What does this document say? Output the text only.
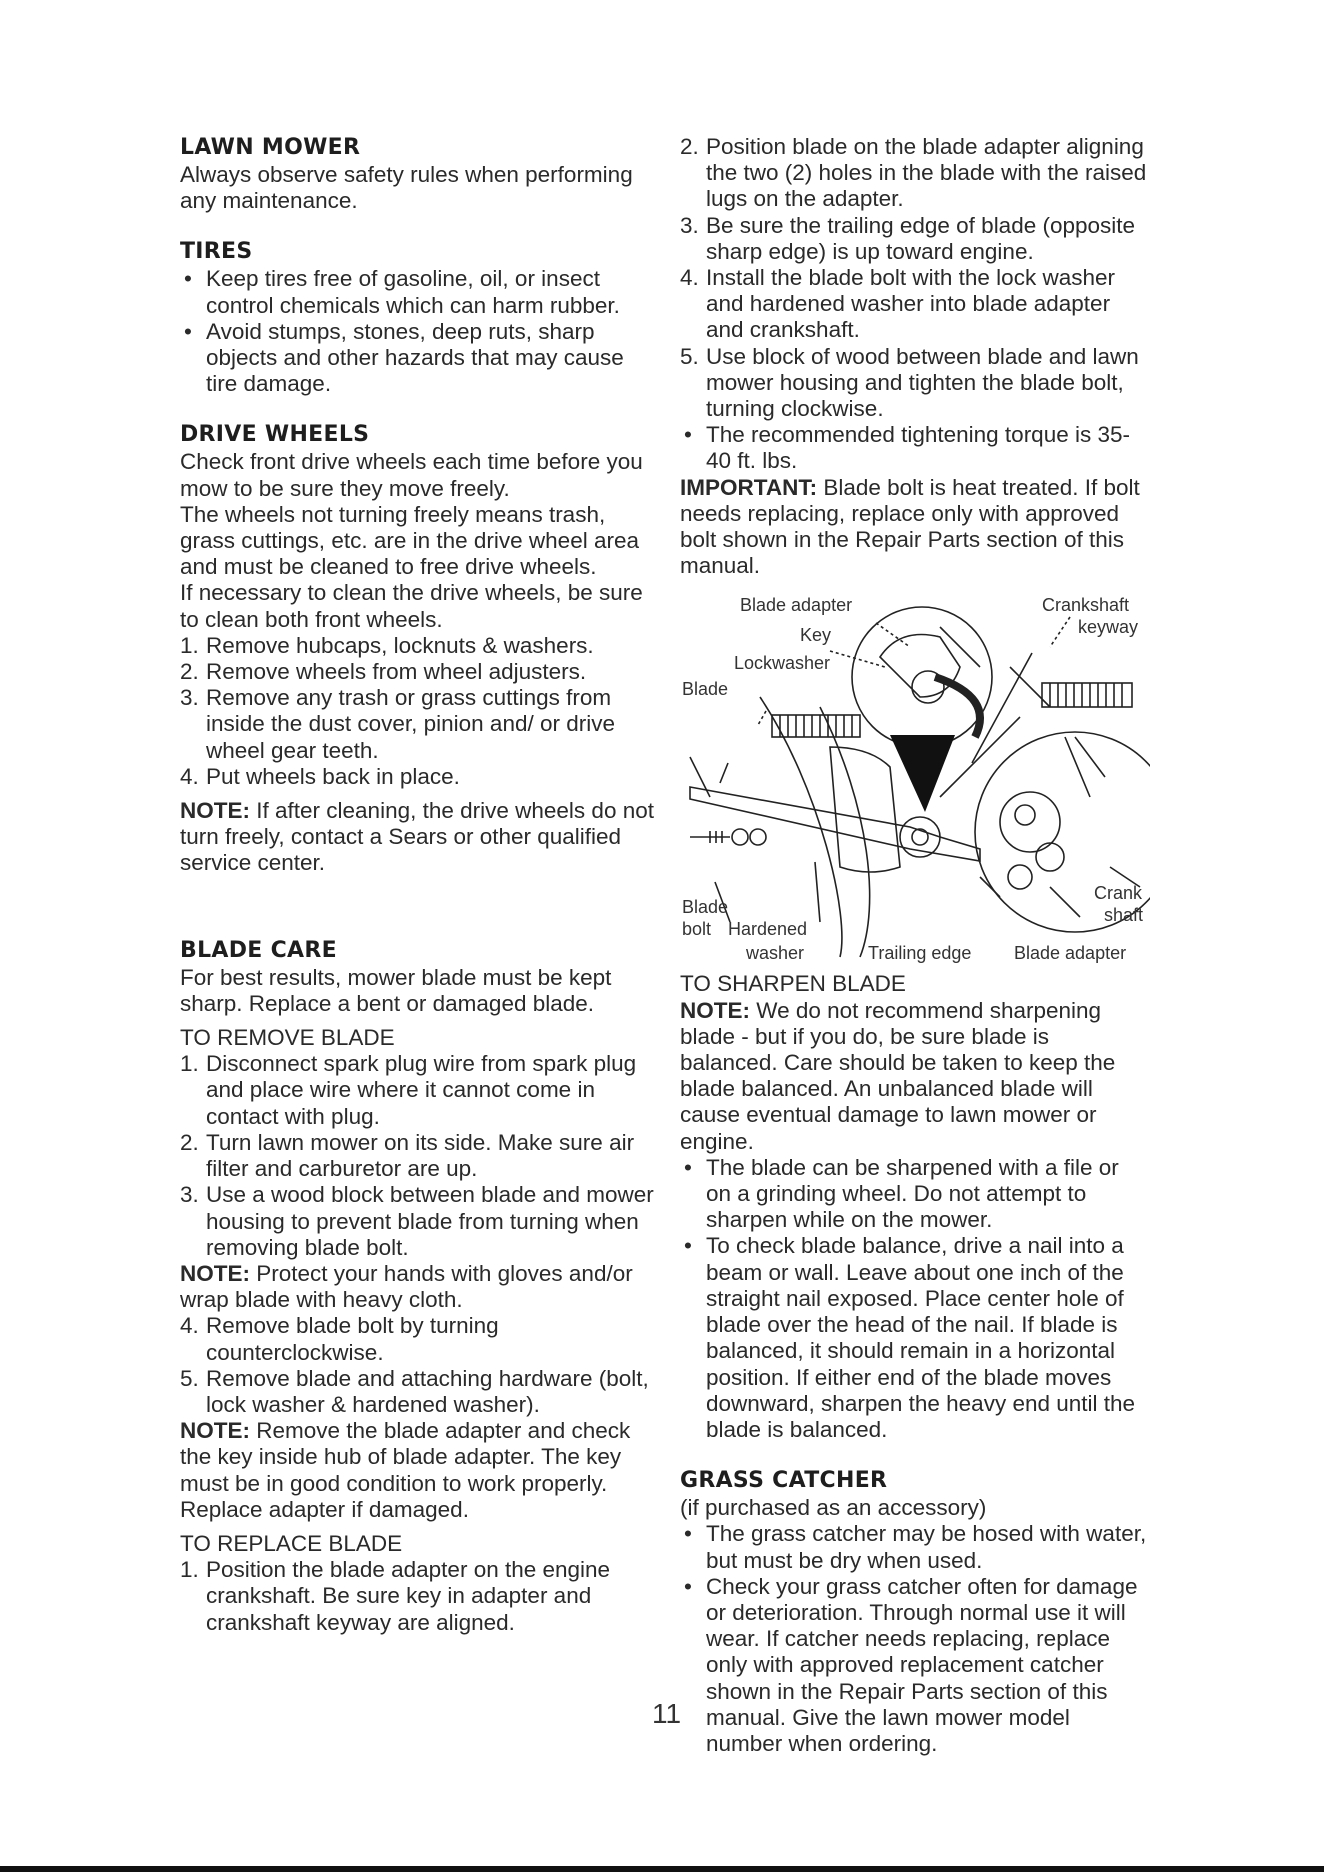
LAWN MOWER

Always observe safety rules when performing any maintenance.

TIRES
• Keep tires free of gasoline, oil, or insect control chemicals which can harm rubber.
• Avoid stumps, stones, deep ruts, sharp objects and other hazards that may cause tire damage.
DRIVE WHEELS

Check front drive wheels each time before you mow to be sure they move freely.

The wheels not turning freely means trash, grass cuttings, etc. are in the drive wheel area and must be cleaned to free drive wheels.

If necessary to clean the drive wheels, be sure to clean both front wheels.

1. Remove hubcaps, locknuts & washers.
2. Remove wheels from wheel adjusters.
3. Remove any trash or grass cuttings from inside the dust cover, pinion and/ or drive wheel gear teeth.
4. Put wheels back in place.

NOTE: If after cleaning, the drive wheels do not turn freely, contact a Sears or other qualified service center.

BLADE CARE

For best results, mower blade must be kept sharp. Replace a bent or damaged blade.

TO REMOVE BLADE

1. Disconnect spark plug wire from spark plug and place wire where it cannot come in contact with plug.
2. Turn lawn mower on its side. Make sure air filter and carburetor are up.
3. Use a wood block between blade and mower housing to prevent blade from turning when removing blade bolt.

NOTE: Protect your hands with gloves and/or wrap blade with heavy cloth.

4. Remove blade bolt by turning counterclockwise.
5. Remove blade and attaching hardware (bolt, lock washer & hardened washer).

NOTE: Remove the blade adapter and check the key inside hub of blade adapter. The key must be in good condition to work properly. Replace adapter if damaged.

TO REPLACE BLADE

1. Position the blade adapter on the engine crankshaft. Be sure key in adapter and crankshaft keyway are aligned.
2. Position blade on the blade adapter aligning the two (2) holes in the blade with the raised lugs on the adapter.
3. Be sure the trailing edge of blade (opposite sharp edge) is up toward engine.
4. Install the blade bolt with the lock washer and hardened washer into blade adapter and crankshaft.
5. Use block of wood between blade and lawn mower housing and tighten the blade bolt, turning clockwise.
• The recommended tightening torque is 35-40 ft. lbs.

IMPORTANT: Blade bolt is heat treated. If bolt needs replacing, replace only with approved bolt shown in the Repair Parts section of this manual.

Blade adapter
Key
Lockwasher
Blade
Crankshaft
keyway
Blade
bolt Hardened
washer	Trailing edge Blade adapter
Crank
shaft

TO SHARPEN BLADE

NOTE: We do not recommend sharpening blade - but if you do, be sure blade is balanced. Care should be taken to keep the blade balanced. An unbalanced blade will cause eventual damage to lawn mower or engine.

• The blade can be sharpened with a file or on a grinding wheel. Do not attempt to sharpen while on the mower.
• To check blade balance, drive a nail into a beam or wall. Leave about one inch of the straight nail exposed. Place center hole of blade over the head of the nail. If blade is balanced, it should remain in a horizontal position. If either end of the blade moves downward, sharpen the heavy end until the blade is balanced.
GRASS CATCHER

(if purchased as an accessory)

• The grass catcher may be hosed with water, but must be dry when used.
• Check your grass catcher often for damage or deterioration. Through normal use it will wear. If catcher needs replacing, replace only with approved replacement catcher shown in the Repair Parts section of this manual. Give the lawn mower model number when ordering.
11
